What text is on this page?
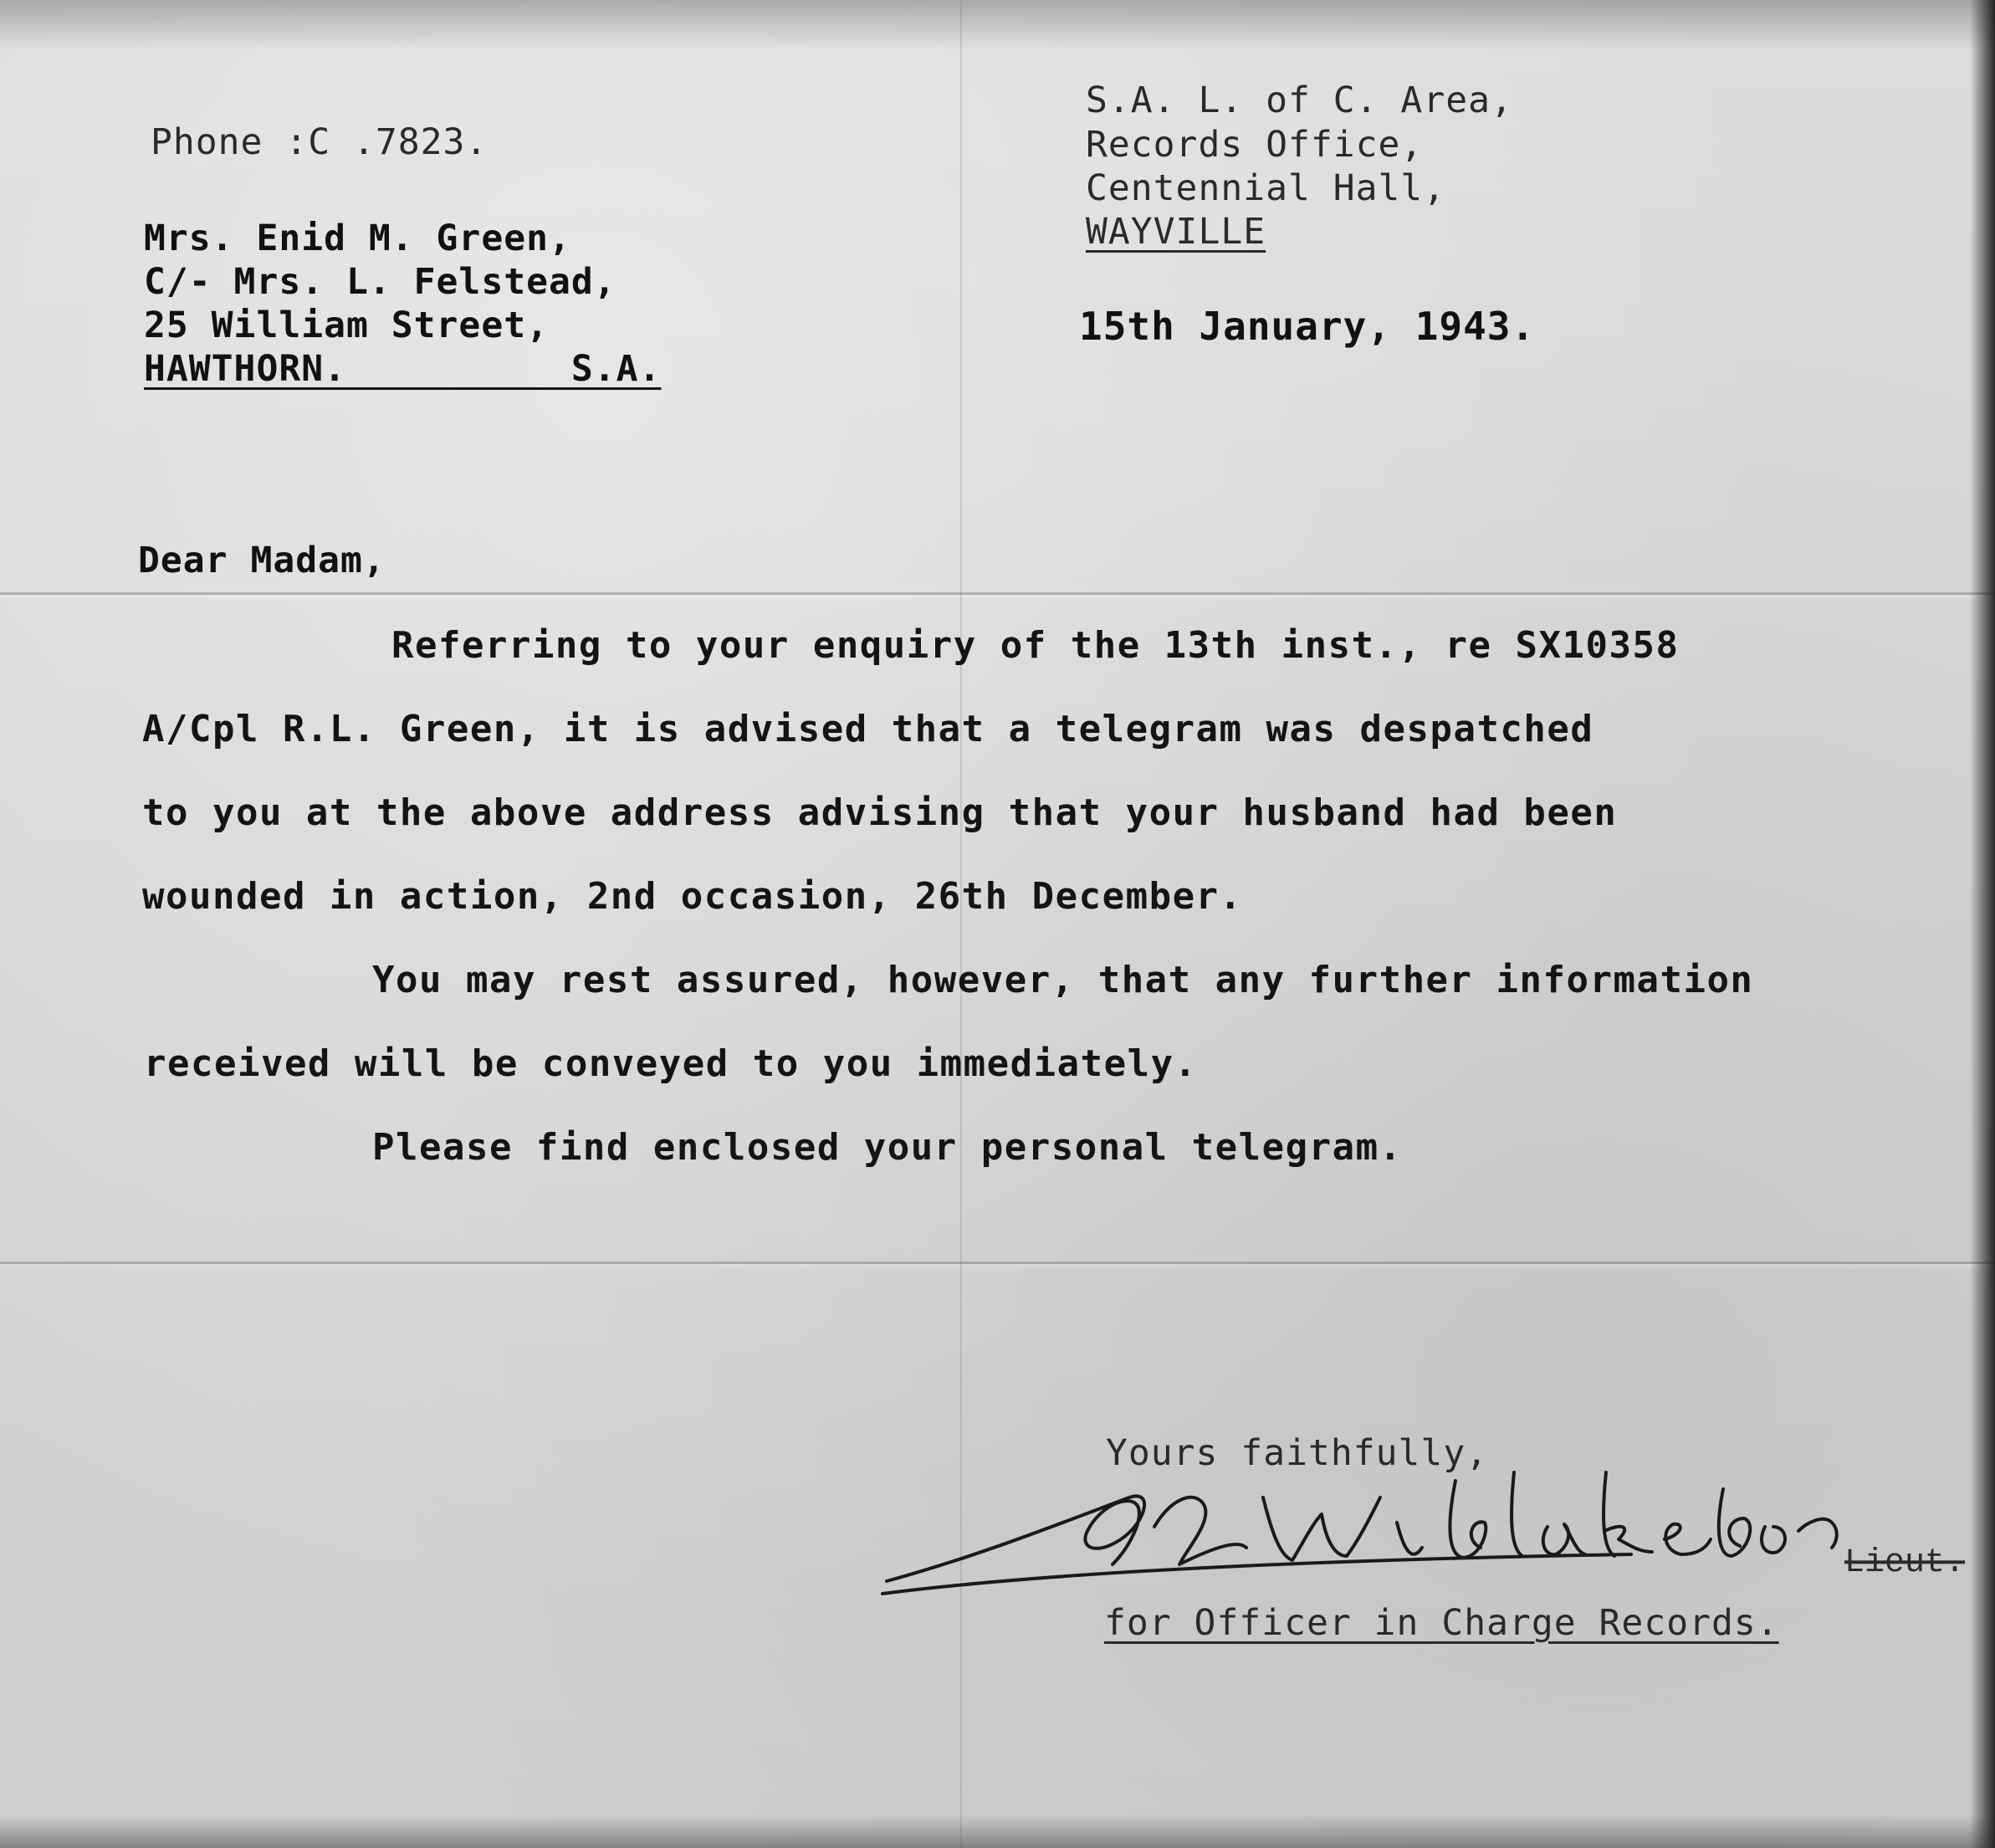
Phone :C .7823.
S.A. L. of C. Area,
Records Office,
Centennial Hall,
WAYVILLE
15th January, 1943.
Mrs. Enid M. Green,
C/- Mrs. L. Felstead,
25 William Street,
HAWTHORN.          S.A.
Dear Madam,
Referring to your enquiry of the 13th inst., re SX10358
A/Cpl R.L. Green, it is advised that a telegram was despatched
to you at the above address advising that your husband had been
wounded in action, 2nd occasion, 26th December.
You may rest assured, however, that any further information
received will be conveyed to you immediately.
Please find enclosed your personal telegram.
Yours faithfully,
Lieut.
L.L. Widlake
for Officer in Charge Records.
